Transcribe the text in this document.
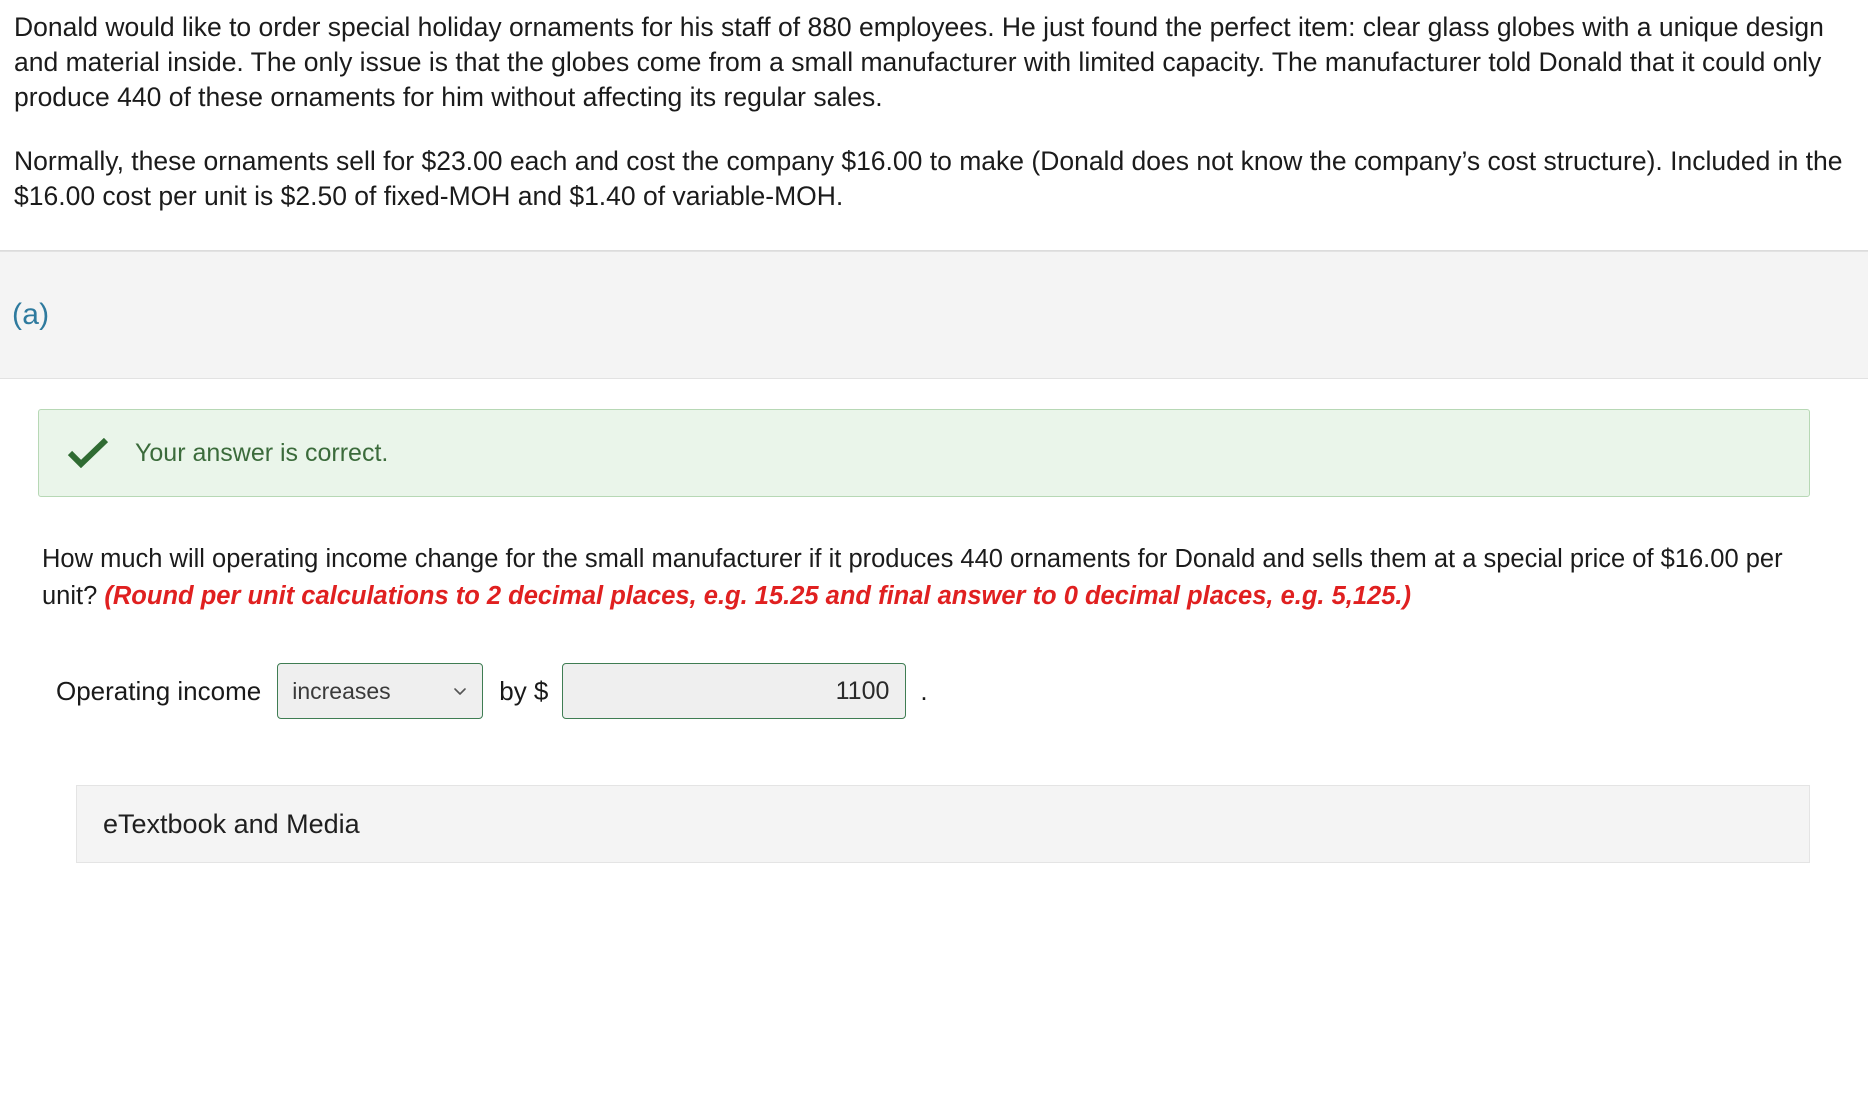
Donald would like to order special holiday ornaments for his staff of 880 employees. He just found the perfect item: clear glass globes with a unique design and material inside. The only issue is that the globes come from a small manufacturer with limited capacity. The manufacturer told Donald that it could only produce 440 of these ornaments for him without affecting its regular sales.

Normally, these ornaments sell for $23.00 each and cost the company $16.00 to make (Donald does not know the company’s cost structure). Included in the $16.00 cost per unit is $2.50 of fixed-MOH and $1.40 of variable-MOH.

(a)
Your answer is correct.
How much will operating income change for the small manufacturer if it produces 440 ornaments for Donald and sells them at a special price of $16.00 per unit? (Round per unit calculations to 2 decimal places, e.g. 15.25 and final answer to 0 decimal places, e.g. 5,125.)
Operating income increases	by $	1100 .
eTextbook and Media
